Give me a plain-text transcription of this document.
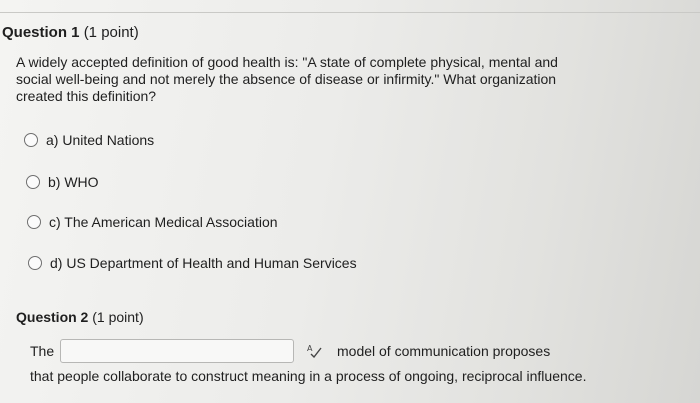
Question 1 (1 point)
A widely accepted definition of good health is: "A state of complete physical, mental and social well-being and not merely the absence of disease or infirmity." What organization created this definition?
a) United Nations
b) WHO
c) The American Medical Association
d) US Department of Health and Human Services
Question 2 (1 point)
The	A model of communication proposes
that people collaborate to construct meaning in a process of ongoing, reciprocal influence.
